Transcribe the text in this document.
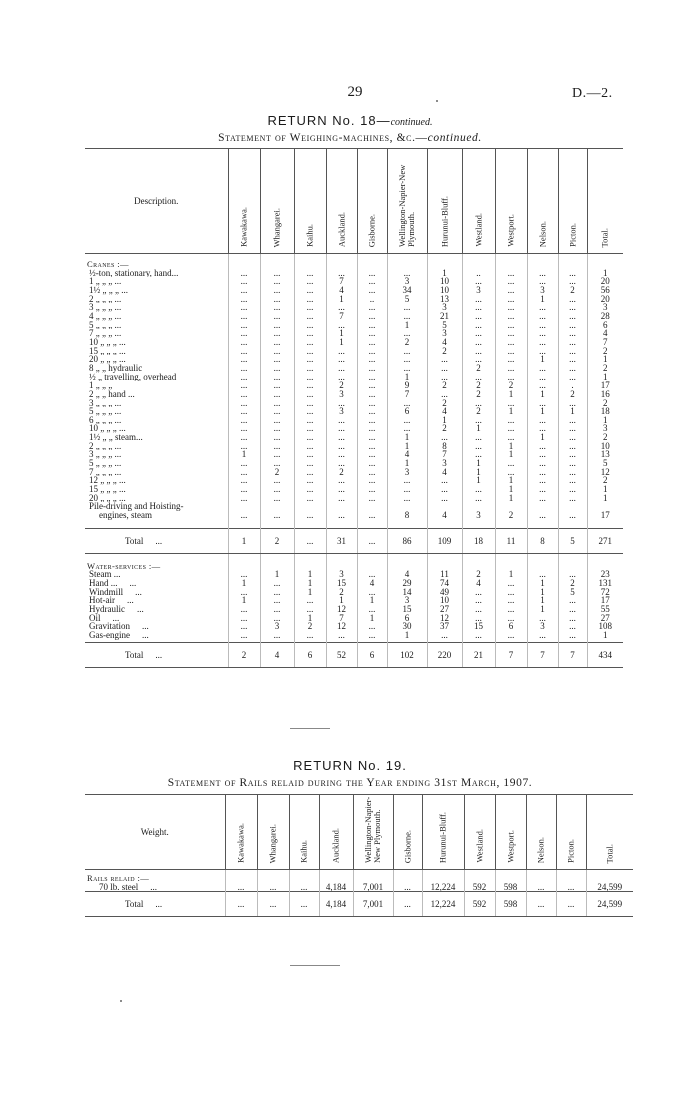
29	D.—2.
RETURN No. 18—continued.
Statement of Weighing-machines, &c.—continued.
Description.	Kawakawa.	Whangarei.	Kaihu.	Auckland.	Gisborne.	Wellington-Napier-New Plymouth.	Hurunui-Bluff.	Westland.	Westport.	Nelson.	Picton.	Total.

Cranes :—												
½-ton, stationary, hand...	...	...	...	...	...	...	1	..	...	...	...	1
1 „ „ „ ...	...	...	...	7	...	3	10	...	...	...	...	20
1½ „ „ „ ...	...	...	...	4	...	34	10	3	...	3	2	56
2 „ „ „ ...	...	...	...	1	..	5	13	...	...	1	...	20
3 „ „ „ ...	...	...	...	...	...	...	3	...	...	...	...	3
4 „ „ „ ...	...	...	...	7	...	...	21	...	...	...	...	28
5 „ „ „ ...	...	...	...	...	...	1	5	...	...	...	...	6
7 „ „ „ ...	...	...	...	1	...	...	3	...	...	...	...	4
10 „ „ „ ...	...	...	...	1	...	2	4	...	...	...	...	7
15 „ „ „ ...	...	...	...	...	...	...	2	...	...	...	...	2
20 „ „ „ ...	...	...	...	...	...	...	...	...	...	1	...	1
8 „ „ hydraulic	...	...	...	...	...	...	...	2	...	...	...	2
½ „ travelling, overhead	...	...	...	...	...	1	...	...	...	...	...	1
1 „ „ „	...	...	...	2	...	9	2	2	2	...	.	17
2 „ „ hand ...	...	...	...	3	...	7	...	2	1	1	2	16
3 „ „ „ ...	...	...	...	...	...	...	2	...	...	...	...	2
5 „ „ „ ...	...	...	...	3	...	6	4	2	1	1	1	18
6 „ „ „ ...	...	...	...	...	...	...	1	...	...	...	...	1
10 „ „ „ ...	...	...	...	...	...	...	2	1	...	...	...	3
1½ „ „ steam...	...	...	...	...	...	1	...	...	...	1	...	2
2 „ „ „ ...	...	...	...	...	...	1	8	...	1	...	...	10
3 „ „ „ ...	1	...	...	...	...	4	7	...	1	...	...	13
5 „ „ „ ...	...	...	...	...	...	1	3	1	...	...	...	5
7 „ „ „ ...	...	2	...	2	...	3	4	1	...	...	...	12
12 „ „ „ ...	...	...	...	...	...	...	...	1	1	...	...	2
15 „ „ „ ...	...	...	...	...	...	...	...	...	1	...	...	1
20 „ „ „ ...	...	...	...	...	...	...	...	...	1	...	...	1
Pile-driving and Hoisting-												
engines, steam	...	...	...	...	...	8	4	3	2	...	...	17

Total ...	1	2	...	31	...	86	109	18	11	8	5	271

Water-services :—												
Steam ...	...	1	1	3	...	4	11	2	1	...	...	23
Hand ... ...	1	...	1	15	4	29	74	4	...	1	2	131
Windmill ...	...	...	1	2	...	14	49	...	...	1	5	72
Hot-air ...	1	...	...	1	1	3	10	...	...	1	...	17
Hydraulic ...	...	...	...	12	...	15	27	...	...	1	...	55
Oil ...	...	...	1	7	1	6	12	...	...	...	...	27
Gravitation ...	...	3	2	12	...	30	37	15	6	3	...	108
Gas-engine ...	...	...	...	...	...	1	...	...	...	...	...	1

Total ...	2	4	6	52	6	102	220	21	7	7	7	434
RETURN No. 19.
Statement of Rails relaid during the Year ending 31st March, 1907.
Weight.	Kawakawa.	Whangarei.	Kaihu.	Auckland.	Wellington-Napier-New Plymouth.	Gisborne.	Hurunui-Bluff.	Westland.	Westport.	Nelson.	Picton.	Total.

Rails relaid :—												
70 lb. steel ...	...	...	...	4,184	7,001	...	12,224	592	598	...	...	24,599
Total ...	...	...	...	4,184	7,001	...	12,224	592	598	...	...	24,599
